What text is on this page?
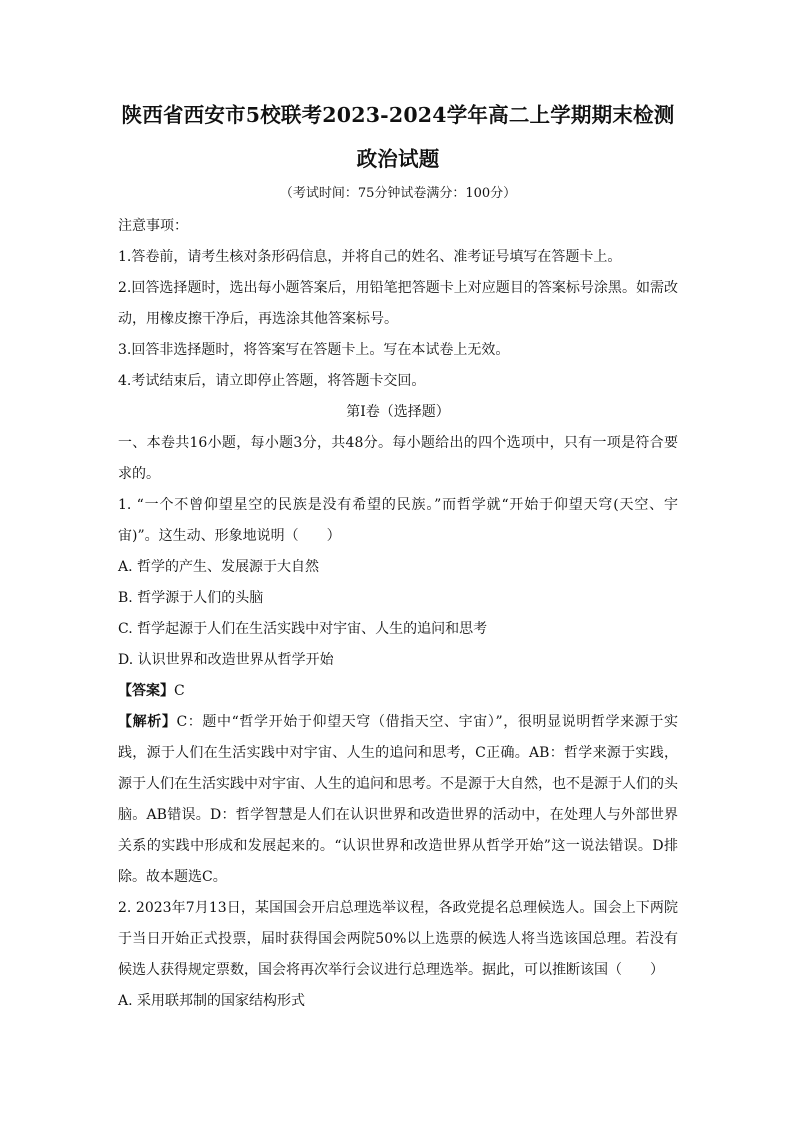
陕西省西安市5校联考2023-2024学年高二上学期期末检测
政治试题
（考试时间：75分钟试卷满分：100分）
注意事项：
1.答卷前，请考生核对条形码信息，并将自己的姓名、准考证号填写在答题卡上。
2.回答选择题时，选出每小题答案后，用铅笔把答题卡上对应题目的答案标号涂黑。如需改动，用橡皮擦干净后，再选涂其他答案标号。
3.回答非选择题时，将答案写在答题卡上。写在本试卷上无效。
4.考试结束后，请立即停止答题，将答题卡交回。
第Ⅰ卷（选择题）
一、本卷共16小题，每小题3分，共48分。每小题给出的四个选项中，只有一项是符合要求的。
1. “一个不曾仰望星空的民族是没有希望的民族。”而哲学就“开始于仰望天穹(天空、宇宙)”。这生动、形象地说明（　　）
A. 哲学的产生、发展源于大自然
B. 哲学源于人们的头脑
C. 哲学起源于人们在生活实践中对宇宙、人生的追问和思考
D. 认识世界和改造世界从哲学开始
【答案】C
【解析】C：题中“哲学开始于仰望天穹（借指天空、宇宙）”，很明显说明哲学来源于实践，源于人们在生活实践中对宇宙、人生的追问和思考，C正确。AB：哲学来源于实践，源于人们在生活实践中对宇宙、人生的追问和思考。不是源于大自然，也不是源于人们的头脑。AB错误。D：哲学智慧是人们在认识世界和改造世界的活动中，在处理人与外部世界关系的实践中形成和发展起来的。“认识世界和改造世界从哲学开始”这一说法错误。D排除。故本题选C。
2. 2023年7月13日，某国国会开启总理选举议程，各政党提名总理候选人。国会上下两院于当日开始正式投票，届时获得国会两院50%以上选票的候选人将当选该国总理。若没有候选人获得规定票数，国会将再次举行会议进行总理选举。据此，可以推断该国（　　）
A. 采用联邦制的国家结构形式
